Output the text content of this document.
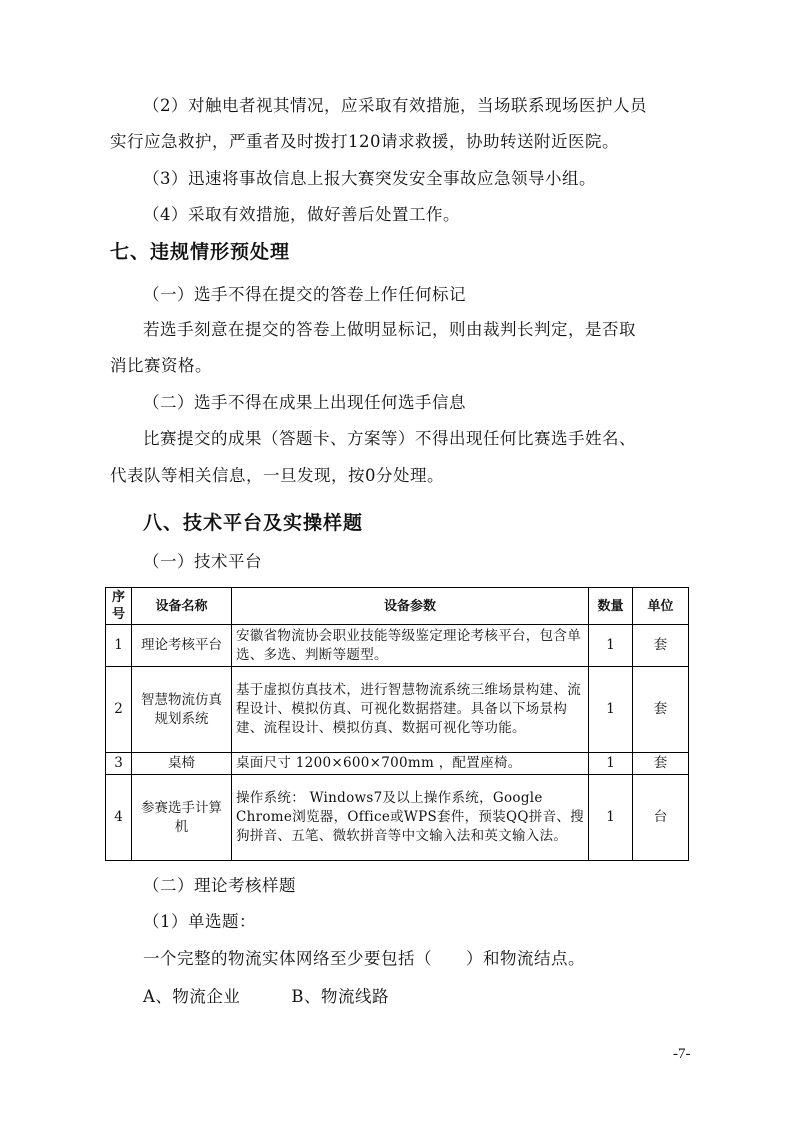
（2）对触电者视其情况，应采取有效措施，当场联系现场医护人员
实行应急救护，严重者及时拨打120请求救援，协助转送附近医院。
（3）迅速将事故信息上报大赛突发安全事故应急领导小组。
（4）采取有效措施，做好善后处置工作。
七、违规情形预处理
（一）选手不得在提交的答卷上作任何标记
若选手刻意在提交的答卷上做明显标记，则由裁判长判定，是否取
消比赛资格。
（二）选手不得在成果上出现任何选手信息
比赛提交的成果（答题卡、方案等）不得出现任何比赛选手姓名、
代表队等相关信息，一旦发现，按0分处理。
八、技术平台及实操样题
（一）技术平台
序号	设备名称	设备参数	数量	单位
1	理论考核平台	安徽省物流协会职业技能等级鉴定理论考核平台，包含单选、多选、判断等题型。	1	套
2	智慧物流仿真规划系统	基于虚拟仿真技术，进行智慧物流系统三维场景构建、流程设计、模拟仿真、可视化数据搭建。具备以下场景构建、流程设计、模拟仿真、数据可视化等功能。	1	套
3	桌椅	桌面尺寸 1200×600×700mm ，配置座椅。	1	套
4	参赛选手计算机	操作系统： Windows7及以上操作系统，Google Chrome浏览器，Office或WPS套件，预装QQ拼音、搜狗拼音、五笔、微软拼音等中文输入法和英文输入法。	1	台
（二）理论考核样题
（1）单选题：
一个完整的物流实体网络至少要包括（　　）和物流结点。
A、物流企业　　　B、物流线路
-7-
